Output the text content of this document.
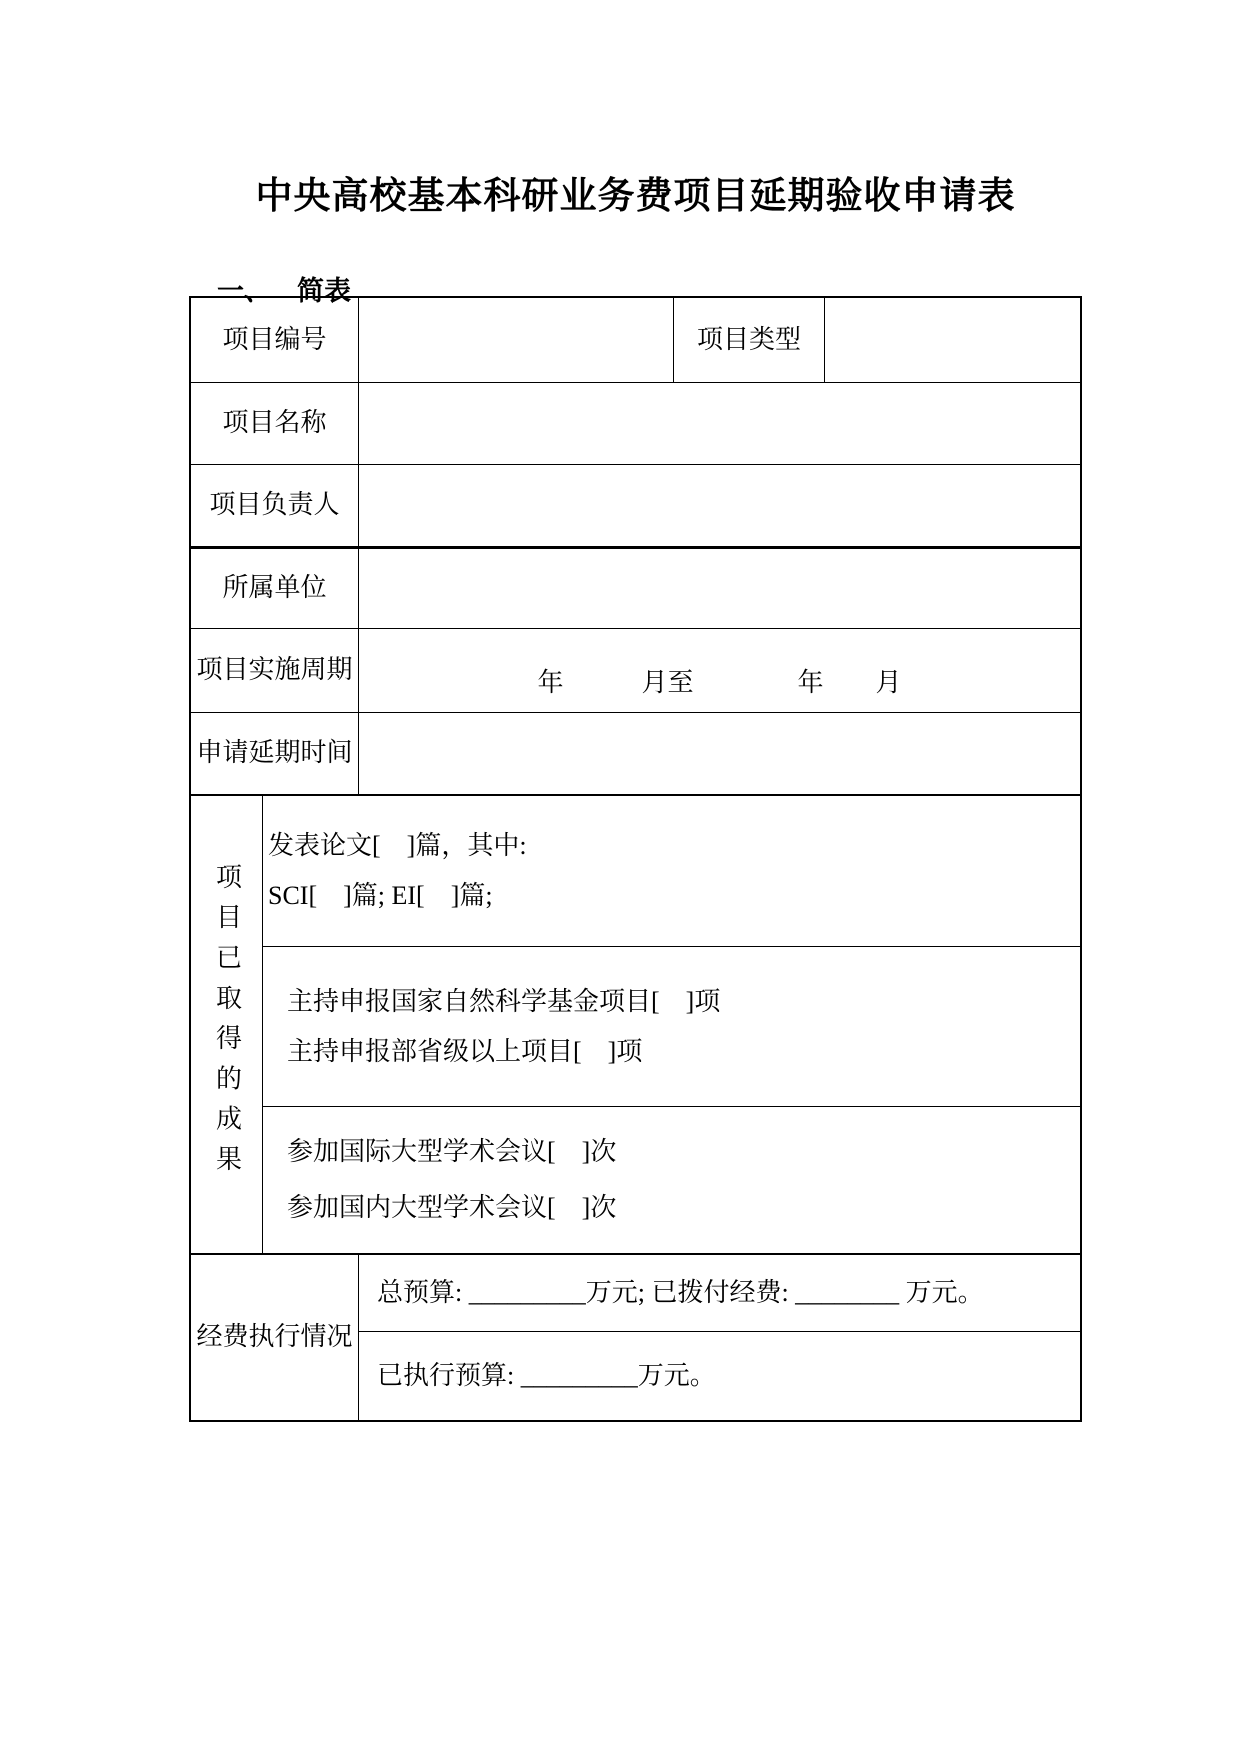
中央高校基本科研业务费项目延期验收申请表

一、 简表

项目编号	项目类型
项目名称
项目负责人
所属单位
项目实施周期	年　　　月至　　　　年　　月
申请延期时间
项目已取得的成果
发表论文[　]篇，其中:
SCI[　]篇; EI[　]篇;
主持申报国家自然科学基金项目[　]项
主持申报部省级以上项目[　]项
参加国际大型学术会议[　]次
参加国内大型学术会议[　]次
经费执行情况
总预算: _________万元; 已拨付经费: ________ 万元。
已执行预算: _________万元。
